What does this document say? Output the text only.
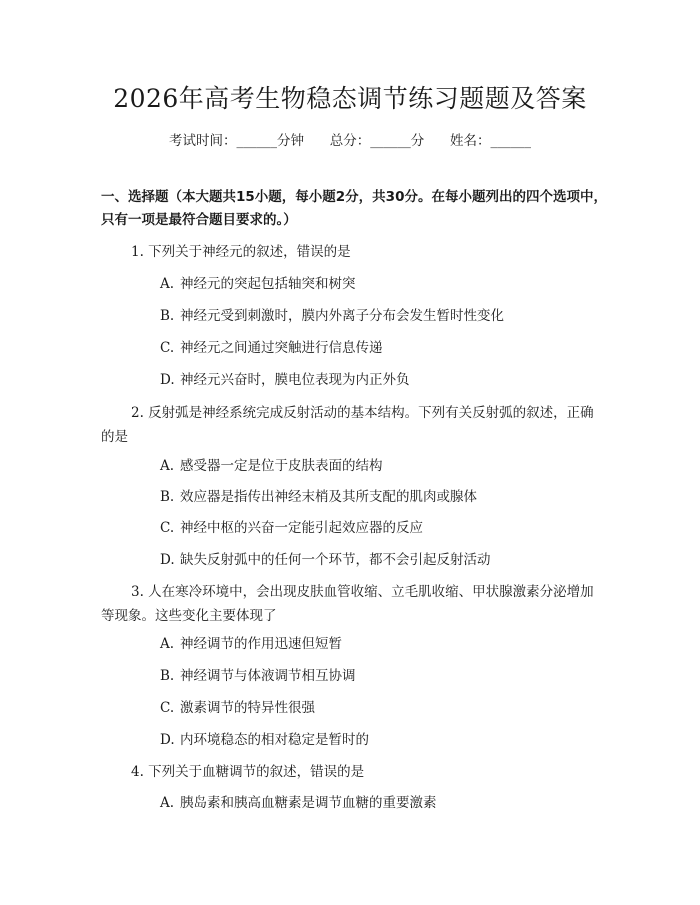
2026年高考生物稳态调节练习题题及答案
考试时间：______分钟      总分：______分      姓名：______
一、选择题（本大题共15小题，每小题2分，共30分。在每小题列出的四个选项中，只有一项是最符合题目要求的。）
1. 下列关于神经元的叙述，错误的是
A. 神经元的突起包括轴突和树突
B. 神经元受到刺激时，膜内外离子分布会发生暂时性变化
C. 神经元之间通过突触进行信息传递
D. 神经元兴奋时，膜电位表现为内正外负
2. 反射弧是神经系统完成反射活动的基本结构。下列有关反射弧的叙述，正确的是
A. 感受器一定是位于皮肤表面的结构
B. 效应器是指传出神经末梢及其所支配的肌肉或腺体
C. 神经中枢的兴奋一定能引起效应器的反应
D. 缺失反射弧中的任何一个环节，都不会引起反射活动
3. 人在寒冷环境中，会出现皮肤血管收缩、立毛肌收缩、甲状腺激素分泌增加等现象。这些变化主要体现了
A. 神经调节的作用迅速但短暂
B. 神经调节与体液调节相互协调
C. 激素调节的特异性很强
D. 内环境稳态的相对稳定是暂时的
4. 下列关于血糖调节的叙述，错误的是
A. 胰岛素和胰高血糖素是调节血糖的重要激素
